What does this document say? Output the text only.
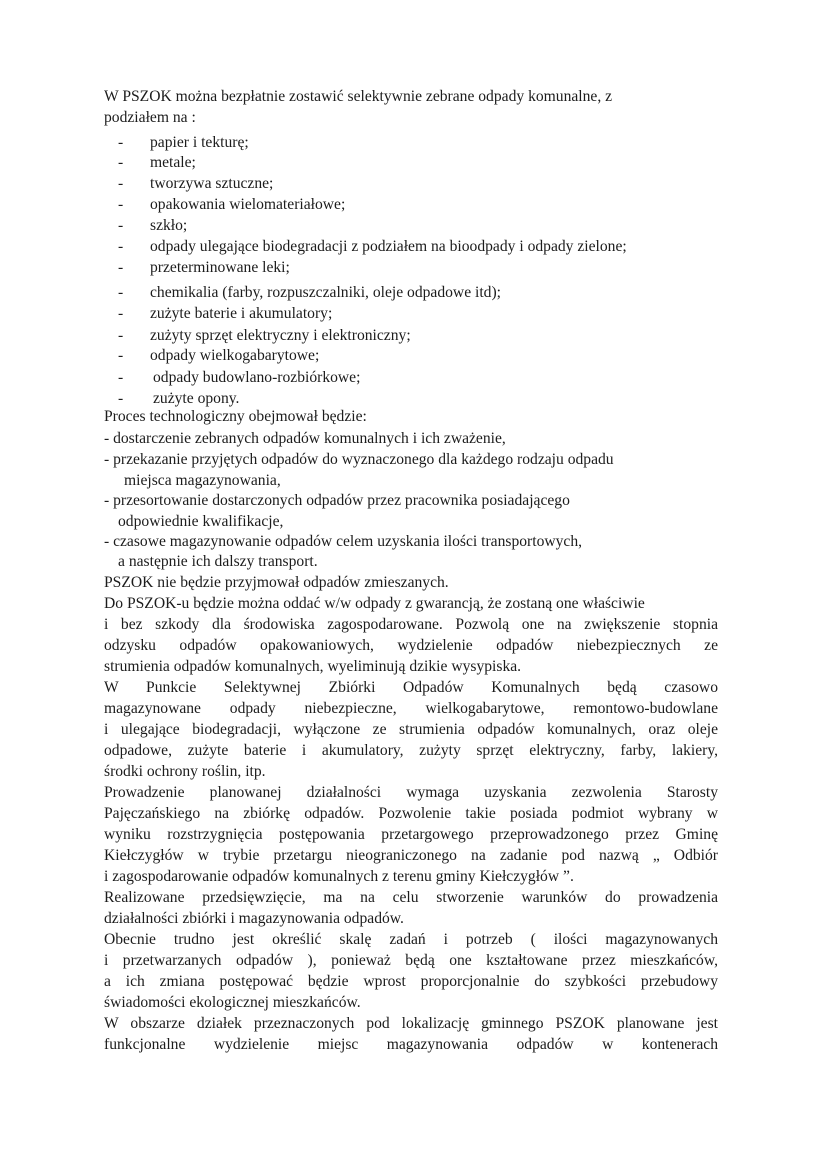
W PSZOK można bezpłatnie zostawić selektywnie zebrane odpady komunalne, z

podziałem na :

- papier i tekturę;

- metale;

- tworzywa sztuczne;

- opakowania wielomateriałowe;

- szkło;

- odpady ulegające biodegradacji z podziałem na bioodpady i odpady zielone;

- przeterminowane leki;

- chemikalia (farby, rozpuszczalniki, oleje odpadowe itd);

- zużyte baterie i akumulatory;

- zużyty sprzęt elektryczny i elektroniczny;

- odpady wielkogabarytowe;

- odpady budowlano-rozbiórkowe;

- zużyte opony.

Proces technologiczny obejmował będzie:

- dostarczenie zebranych odpadów komunalnych i ich zważenie,

- przekazanie przyjętych odpadów do wyznaczonego dla każdego rodzaju odpadu

miejsca magazynowania,

- przesortowanie dostarczonych odpadów przez pracownika posiadającego

odpowiednie kwalifikacje,

- czasowe magazynowanie odpadów celem uzyskania ilości transportowych,

a następnie ich dalszy transport.

PSZOK nie będzie przyjmował odpadów zmieszanych.

Do PSZOK-u będzie można oddać w/w odpady z gwarancją, że zostaną one właściwie

i bez szkody dla środowiska zagospodarowane. Pozwolą one na zwiększenie stopnia

odzysku odpadów opakowaniowych, wydzielenie odpadów niebezpiecznych ze

strumienia odpadów komunalnych, wyeliminują dzikie wysypiska.

W Punkcie Selektywnej Zbiórki Odpadów Komunalnych będą czasowo

magazynowane odpady niebezpieczne, wielkogabarytowe, remontowo-budowlane

i ulegające biodegradacji, wyłączone ze strumienia odpadów komunalnych, oraz oleje

odpadowe, zużyte baterie i akumulatory, zużyty sprzęt elektryczny, farby, lakiery,

środki ochrony roślin, itp.

Prowadzenie planowanej działalności wymaga uzyskania zezwolenia Starosty

Pajęczańskiego na zbiórkę odpadów. Pozwolenie takie posiada podmiot wybrany w

wyniku rozstrzygnięcia postępowania przetargowego przeprowadzonego przez Gminę

Kiełczygłów w trybie przetargu nieograniczonego na zadanie pod nazwą „ Odbiór

i zagospodarowanie odpadów komunalnych z terenu gminy Kiełczygłów ”.

Realizowane przedsięwzięcie, ma na celu stworzenie warunków do prowadzenia

działalności zbiórki i magazynowania odpadów.

Obecnie trudno jest określić skalę zadań i potrzeb ( ilości magazynowanych

i przetwarzanych odpadów ), ponieważ będą one kształtowane przez mieszkańców,

a ich zmiana postępować będzie wprost proporcjonalnie do szybkości przebudowy

świadomości ekologicznej mieszkańców.

W obszarze działek przeznaczonych pod lokalizację gminnego PSZOK planowane jest

funkcjonalne wydzielenie miejsc magazynowania odpadów w kontenerach
